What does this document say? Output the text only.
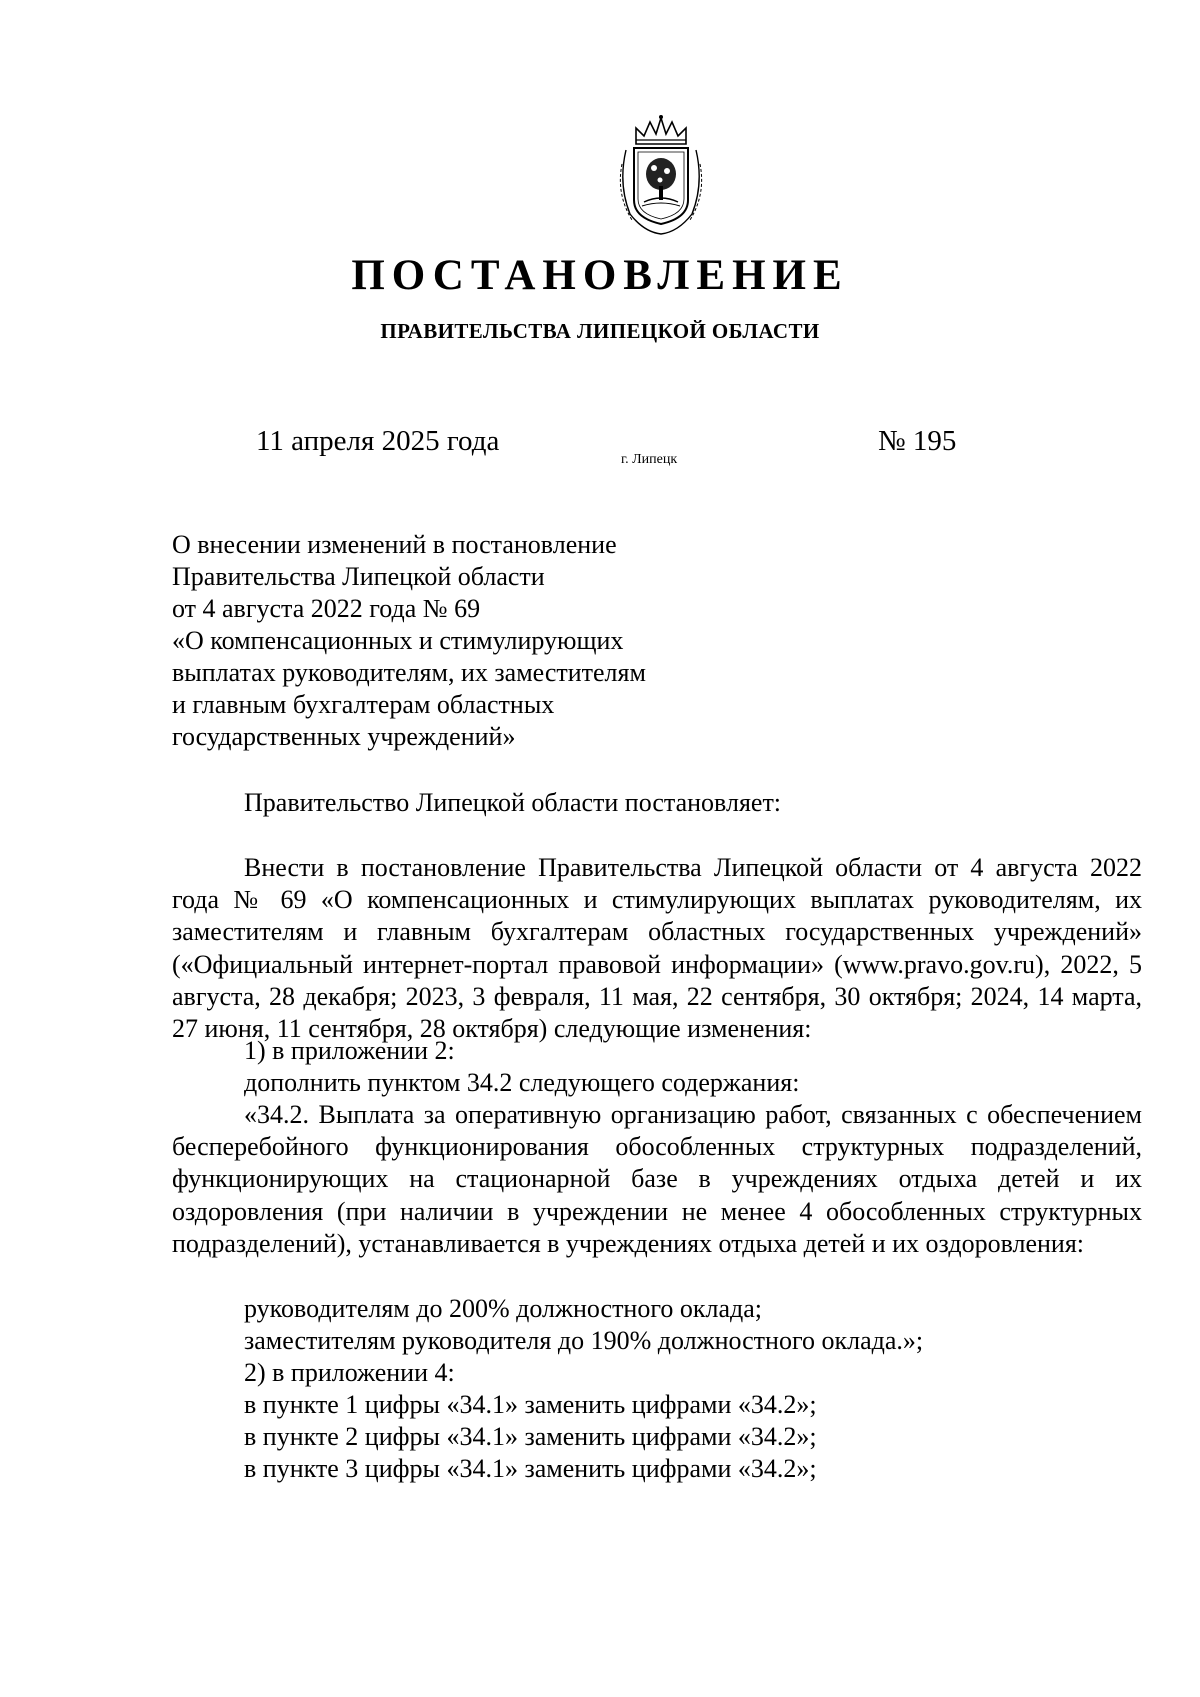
ПОСТАНОВЛЕНИЕ
ПРАВИТЕЛЬСТВА ЛИПЕЦКОЙ ОБЛАСТИ
11 апреля 2025 года
г. Липецк
№ 195
О внесении изменений в постановление
Правительства Липецкой области
от 4 августа 2022 года № 69
«О компенсационных и стимулирующих
выплатах руководителям, их заместителям
и главным бухгалтерам областных
государственных учреждений»
Правительство Липецкой области постановляет:
Внести в постановление Правительства Липецкой области от 4 августа 2022 года № 69 «О компенсационных и стимулирующих выплатах руководителям, их заместителям и главным бухгалтерам областных государственных учреждений» («Официальный интернет-портал правовой информации» (www.pravo.gov.ru), 2022, 5 августа, 28 декабря; 2023, 3 февраля, 11 мая, 22 сентября, 30 октября; 2024, 14 марта, 27 июня, 11 сентября, 28 октября) следующие изменения:
1) в приложении 2:
дополнить пунктом 34.2 следующего содержания:
«34.2. Выплата за оперативную организацию работ, связанных с обеспечением бесперебойного функционирования обособленных структурных подразделений, функционирующих на стационарной базе в учреждениях отдыха детей и их оздоровления (при наличии в учреждении не менее 4 обособленных структурных подразделений), устанавливается в учреждениях отдыха детей и их оздоровления:
руководителям до 200% должностного оклада;
заместителям руководителя до 190% должностного оклада.»;
2) в приложении 4:
в пункте 1 цифры «34.1» заменить цифрами «34.2»;
в пункте 2 цифры «34.1» заменить цифрами «34.2»;
в пункте 3 цифры «34.1» заменить цифрами «34.2»;
